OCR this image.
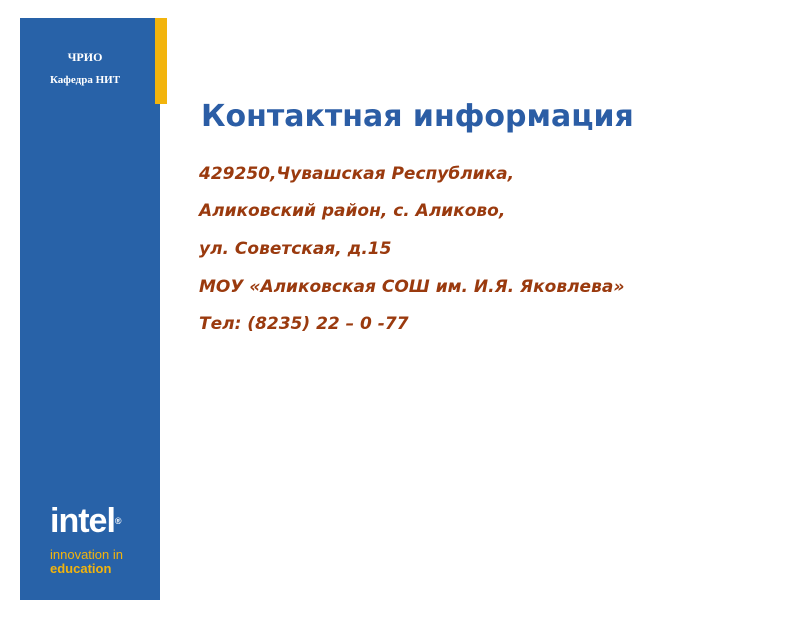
ЧРИО
Кафедра НИТ
intel®
innovation in
education
Контактная информация
429250,Чувашская Республика,
Аликовский район, с. Аликово,
ул. Советская, д.15
МОУ «Аликовская СОШ им. И.Я. Яковлева»
Тел: (8235) 22 – 0 -77
